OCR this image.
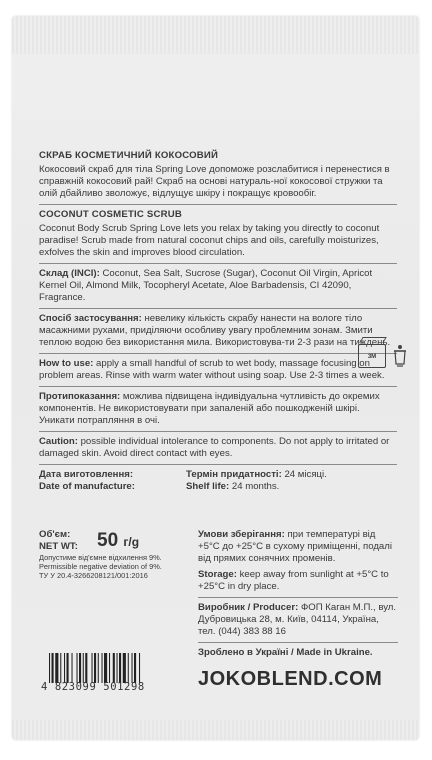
СКРАБ КОСМЕТИЧНИЙ КОКОСОВИЙ

Кокосовий скраб для тіла Spring Love допоможе розслабитися і перенестися в справжній кокосовий рай! Скраб на основі натураль-ної кокосової стружки та олій дбайливо зволожує, відлущує шкіру і покращує кровообіг.

COCONUT COSMETIC SCRUB

Coconut Body Scrub Spring Love lets you relax by taking you directly to coconut paradise! Scrub made from natural coconut chips and oils, carefully moisturizes, exfolves the skin and improves blood circulation.

Склад (INCI): Coconut, Sea Salt, Sucrose (Sugar), Coconut Oil Virgin, Apricot Kernel Oil, Almond Milk, Tocopheryl Acetate, Aloe Barbadensis, CI 42090, Fragrance.

Спосіб застосування: невелику кількість скрабу нанести на вологе тіло масажними рухами, приділяючи особливу увагу проблемним зонам. Змити теплою водою без використання мила. Використовува-ти 2-3 рази на тиждень.

How to use: apply a small handful of scrub to wet body, massage focusing on problem areas. Rinse with warm water without using soap. Use 2-3 times a week.

Протипоказання: можлива підвищена індивідуальна чутливість до окремих компонентів. Не використовувати при запаленій або пошкодженій шкірі. Уникати потрапляння в очі.

Caution: possible individual intolerance to components. Do not apply to irritated or damaged skin. Avoid direct contact with eyes.

Дата виготовлення:
Date of manufacture:
Термін придатності: 24 місяці.
Shelf life: 24 months.
3M
Об'єм:
NET WT:	50 г/g
Допустиме від'ємне відхилення 9%.
Permissible negative deviation of 9%.
ТУ У 20.4-3266208121/001:2016

Умови зберігання: при температурі від +5°С до +25°С в сухому приміщенні, подалі від прямих сонячних променів.

Storage: keep away from sunlight at +5°С to +25°С in dry place.

Виробник / Producer: ФОП Каган М.П., вул. Дубровицька 28, м. Київ, 04114, Україна, тел. (044) 383 88 16

Зроблено в Україні / Made in Ukraine.

4 823099 501298	JOKOBLEND.COM
